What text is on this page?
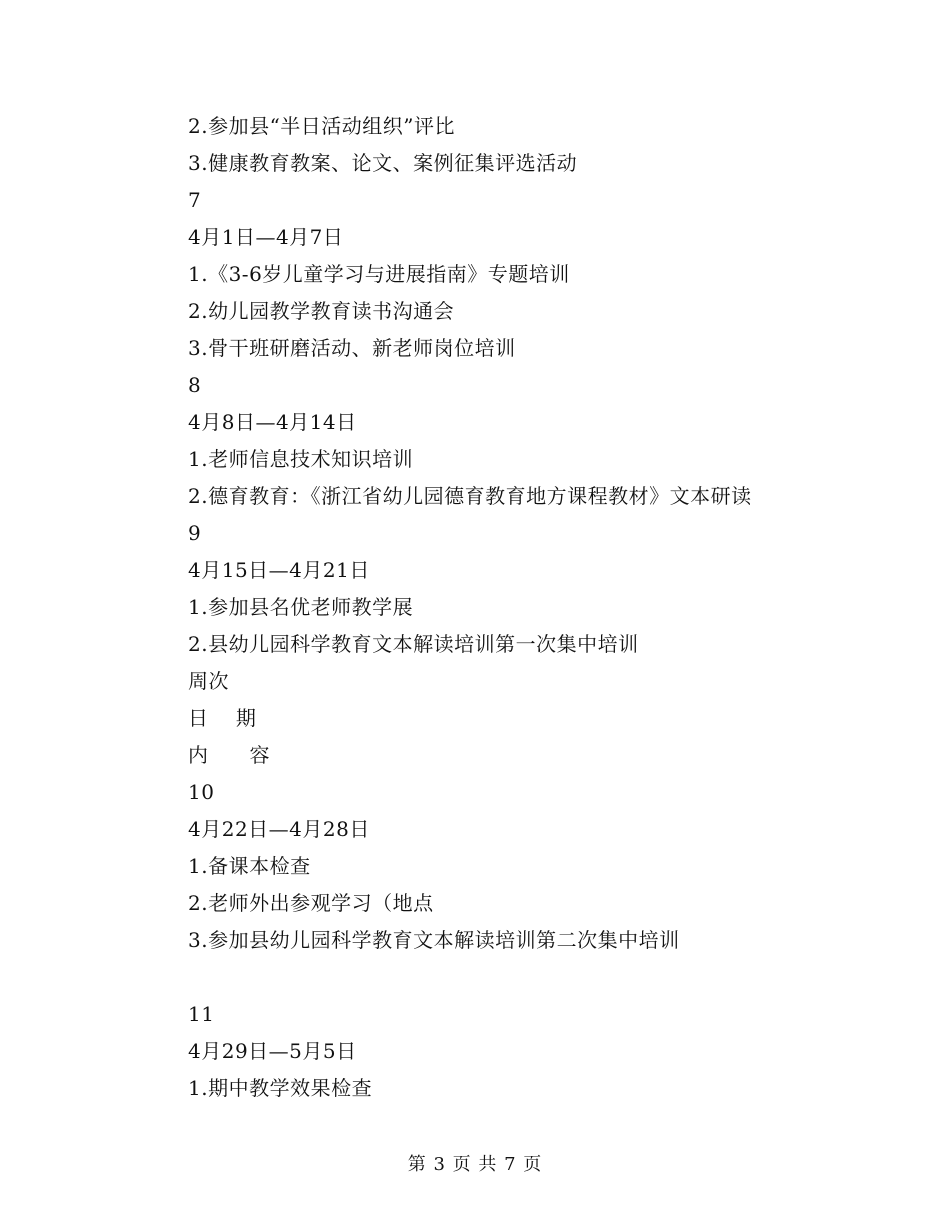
2.参加县“半日活动组织”评比
3.健康教育教案、论文、案例征集评选活动
7
4月1日—4月7日
1.《3-6岁儿童学习与进展指南》专题培训
2.幼儿园教学教育读书沟通会
3.骨干班研磨活动、新老师岗位培训
8
4月8日—4月14日
1.老师信息技术知识培训
2.德育教育：《浙江省幼儿园德育教育地方课程教材》文本研读
9
4月15日—4月21日
1.参加县名优老师教学展
2.县幼儿园科学教育文本解读培训第一次集中培训
周次
日　 期
内　　容
10
4月22日—4月28日
1.备课本检查
2.老师外出参观学习（地点
3.参加县幼儿园科学教育文本解读培训第二次集中培训
11
4月29日—5月5日
1.期中教学效果检查
第 3 页 共 7 页
